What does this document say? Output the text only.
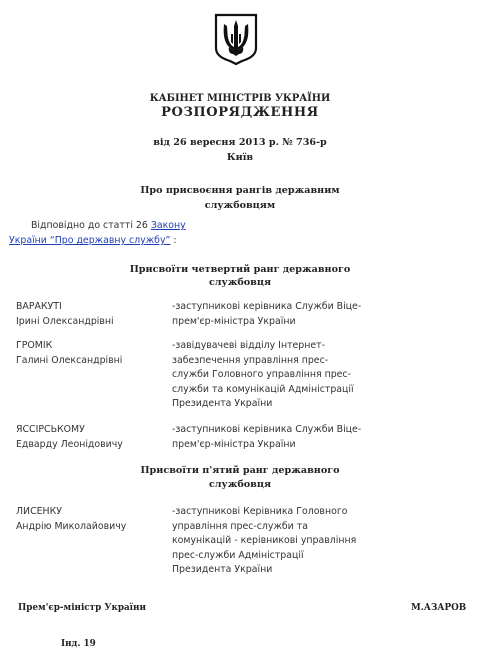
КАБІНЕТ МІНІСТРІВ УКРАЇНИ
РОЗПОРЯДЖЕННЯ
від 26 вересня 2013 р. № 736-р
Київ
Про присвоєння рангів державним
службовцям
Відповідно до статті 26 Закону
України “Про державну службу” :
Присвоїти четвертий ранг державного
службовця
ВАРАКУТІ
Ірині Олександрівні
-заступникові керівника Служби Віце-
прем'єр-міністра України
ГРОМІК
Галині Олександрівні
-завідувачеві відділу Інтернет-
забезпечення управління прес-
служби Головного управління прес-
служби та комунікацій Адміністрації
Президента України
ЯССІРСЬКОМУ
Едварду Леонідовичу
-заступникові керівника Служби Віце-
прем'єр-міністра України
Присвоїти п'ятий ранг державного
службовця
ЛИСЕНКУ
Андрію Миколайовичу
-заступникові Керівника Головного
управління прес-служби та
комунікацій - керівникові управління
прес-служби Адміністрації
Президента України
Прем'єр-міністр України	М.АЗАРОВ
Інд. 19
